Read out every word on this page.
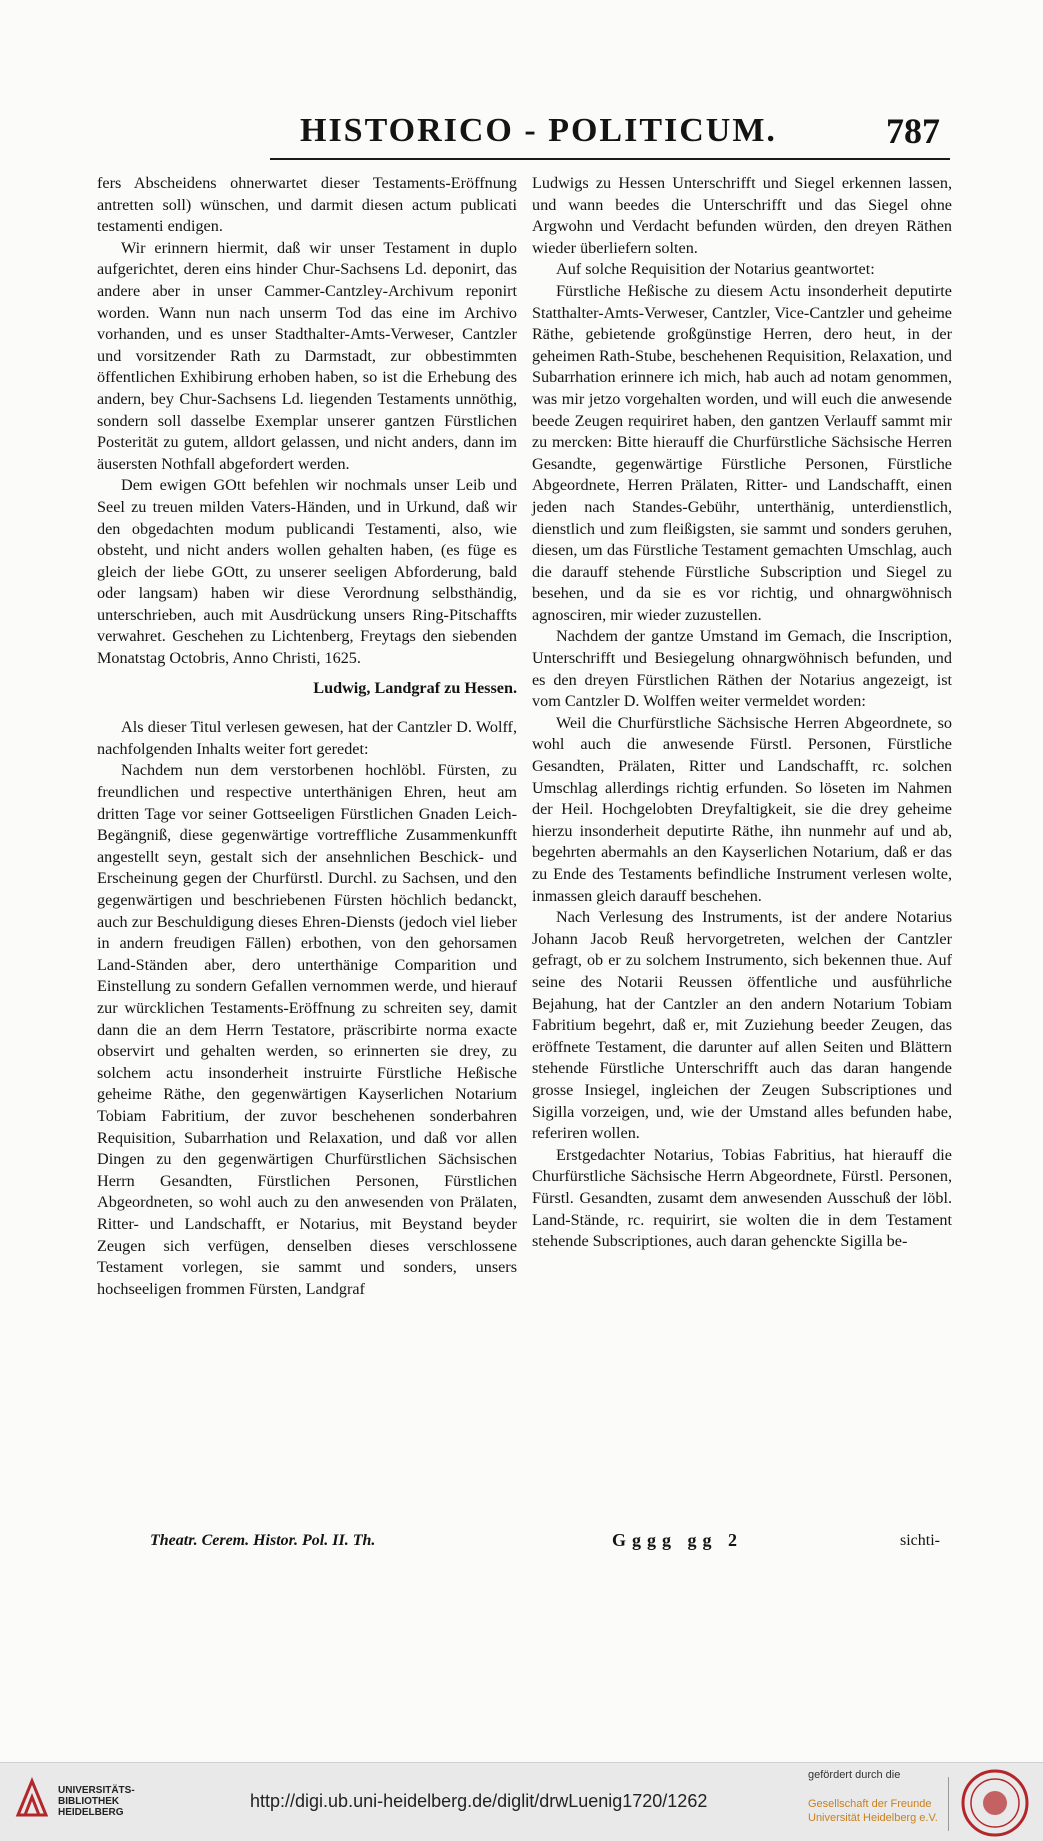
HISTORICO - POLITICUM.	787

fers Abscheidens ohnerwartet dieser Testaments-Eröffnung antretten soll) wünschen, und darmit diesen actum publicati testamenti endigen.

Wir erinnern hiermit, daß wir unser Testament in duplo aufgerichtet, deren eins hinder Chur-Sachsens Ld. deponirt, das andere aber in unser Cammer-Cantzley-Archivum reponirt worden. Wann nun nach unserm Tod das eine im Archivo vorhanden, und es unser Stadthalter-Amts-Verweser, Cantzler und vorsitzender Rath zu Darmstadt, zur obbestimmten öffentlichen Exhibirung erhoben haben, so ist die Erhebung des andern, bey Chur-Sachsens Ld. liegenden Testaments unnöthig, sondern soll dasselbe Exemplar unserer gantzen Fürstlichen Posterität zu gutem, alldort gelassen, und nicht anders, dann im äusersten Nothfall abgefordert werden.

Dem ewigen GOtt befehlen wir nochmals unser Leib und Seel zu treuen milden Vaters-Händen, und in Urkund, daß wir den obgedachten modum publicandi Testamenti, also, wie obsteht, und nicht anders wollen gehalten haben, (es füge es gleich der liebe GOtt, zu unserer seeligen Abforderung, bald oder langsam) haben wir diese Verordnung selbsthändig, unterschrieben, auch mit Ausdrückung unsers Ring-Pitschaffts verwahret. Geschehen zu Lichtenberg, Freytags den siebenden Monatstag Octobris, Anno Christi, 1625.

Ludwig, Landgraf zu Hessen.

Als dieser Titul verlesen gewesen, hat der Cantzler D. Wolff, nachfolgenden Inhalts weiter fort geredet:

Nachdem nun dem verstorbenen hochlöbl. Fürsten, zu freundlichen und respective unterthänigen Ehren, heut am dritten Tage vor seiner Gottseeligen Fürstlichen Gnaden Leich-Begängniß, diese gegenwärtige vortreffliche Zusammenkunfft angestellt seyn, gestalt sich der ansehnlichen Beschick- und Erscheinung gegen der Churfürstl. Durchl. zu Sachsen, und den gegenwärtigen und beschriebenen Fürsten höchlich bedanckt, auch zur Beschuldigung dieses Ehren-Diensts (jedoch viel lieber in andern freudigen Fällen) erbothen, von den gehorsamen Land-Ständen aber, dero unterthänige Comparition und Einstellung zu sondern Gefallen vernommen werde, und hierauf zur würcklichen Testaments-Eröffnung zu schreiten sey, damit dann die an dem Herrn Testatore, präscribirte norma exacte observirt und gehalten werden, so erinnerten sie drey, zu solchem actu insonderheit instruirte Fürstliche Heßische geheime Räthe, den gegenwärtigen Kayserlichen Notarium Tobiam Fabritium, der zuvor beschehenen sonderbahren Requisition, Subarrhation und Relaxation, und daß vor allen Dingen zu den gegenwärtigen Churfürstlichen Sächsischen Herrn Gesandten, Fürstlichen Personen, Fürstlichen Abgeordneten, so wohl auch zu den anwesenden von Prälaten, Ritter- und Landschafft, er Notarius, mit Beystand beyder Zeugen sich verfügen, denselben dieses verschlossene Testament vorlegen, sie sammt und sonders, unsers hochseeligen frommen Fürsten, Landgraf

Ludwigs zu Hessen Unterschrifft und Siegel erkennen lassen, und wann beedes die Unterschrifft und das Siegel ohne Argwohn und Verdacht befunden würden, den dreyen Räthen wieder überliefern solten.

Auf solche Requisition der Notarius geantwortet:

Fürstliche Heßische zu diesem Actu insonderheit deputirte Statthalter-Amts-Verweser, Cantzler, Vice-Cantzler und geheime Räthe, gebietende großgünstige Herren, dero heut, in der geheimen Rath-Stube, beschehenen Requisition, Relaxation, und Subarrhation erinnere ich mich, hab auch ad notam genommen, was mir jetzo vorgehalten worden, und will euch die anwesende beede Zeugen requiriret haben, den gantzen Verlauff sammt mir zu mercken: Bitte hierauff die Churfürstliche Sächsische Herren Gesandte, gegenwärtige Fürstliche Personen, Fürstliche Abgeordnete, Herren Prälaten, Ritter- und Landschafft, einen jeden nach Standes-Gebühr, unterthänig, unterdienstlich, dienstlich und zum fleißigsten, sie sammt und sonders geruhen, diesen, um das Fürstliche Testament gemachten Umschlag, auch die darauff stehende Fürstliche Subscription und Siegel zu besehen, und da sie es vor richtig, und ohnargwöhnisch agnosciren, mir wieder zuzustellen.

Nachdem der gantze Umstand im Gemach, die Inscription, Unterschrifft und Besiegelung ohnargwöhnisch befunden, und es den dreyen Fürstlichen Räthen der Notarius angezeigt, ist vom Cantzler D. Wolffen weiter vermeldet worden:

Weil die Churfürstliche Sächsische Herren Abgeordnete, so wohl auch die anwesende Fürstl. Personen, Fürstliche Gesandten, Prälaten, Ritter und Landschafft, rc. solchen Umschlag allerdings richtig erfunden. So löseten im Nahmen der Heil. Hochgelobten Dreyfaltigkeit, sie die drey geheime hierzu insonderheit deputirte Räthe, ihn nunmehr auf und ab, begehrten abermahls an den Kayserlichen Notarium, daß er das zu Ende des Testaments befindliche Instrument verlesen wolte, inmassen gleich darauff beschehen.

Nach Verlesung des Instruments, ist der andere Notarius Johann Jacob Reuß hervorgetreten, welchen der Cantzler gefragt, ob er zu solchem Instrumento, sich bekennen thue. Auf seine des Notarii Reussen öffentliche und ausführliche Bejahung, hat der Cantzler an den andern Notarium Tobiam Fabritium begehrt, daß er, mit Zuziehung beeder Zeugen, das eröffnete Testament, die darunter auf allen Seiten und Blättern stehende Fürstliche Unterschrifft auch das daran hangende grosse Insiegel, ingleichen der Zeugen Subscriptiones und Sigilla vorzeigen, und, wie der Umstand alles befunden habe, referiren wollen.

Erstgedachter Notarius, Tobias Fabritius, hat hierauff die Churfürstliche Sächsische Herrn Abgeordnete, Fürstl. Personen, Fürstl. Gesandten, zusamt dem anwesenden Ausschuß der löbl. Land-Stände, rc. requirirt, sie wolten die in dem Testament stehende Subscriptiones, auch daran gehenckte Sigilla be-

Theatr. Cerem. Histor. Pol. II. Th.	Gggg gg 2	sichti-
UNIVERSITÄTS- BIBLIOTHEK HEIDELBERG
http://digi.ub.uni-heidelberg.de/diglit/drwLuenig1720/1262
gefördert durch die
Gesellschaft der Freunde Universität Heidelberg e.V.
